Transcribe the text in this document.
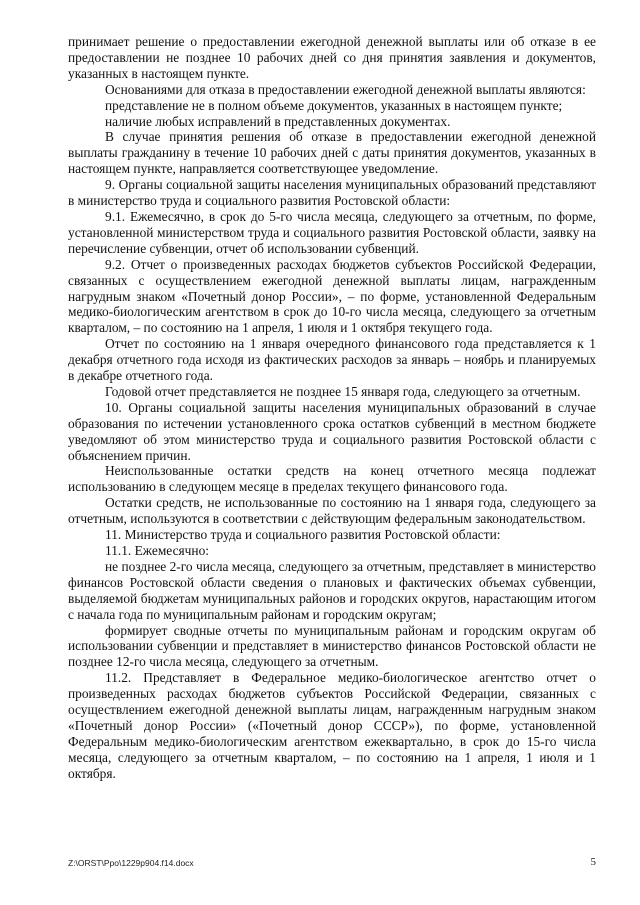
принимает решение о предоставлении ежегодной денежной выплаты или об отказе в ее предоставлении не позднее 10 рабочих дней со дня принятия заявления и документов, указанных в настоящем пункте.

Основаниями для отказа в предоставлении ежегодной денежной выплаты являются:

представление не в полном объеме документов, указанных в настоящем пункте;

наличие любых исправлений в представленных документах.

В случае принятия решения об отказе в предоставлении ежегодной денежной выплаты гражданину в течение 10 рабочих дней с даты принятия документов, указанных в настоящем пункте, направляется соответствующее уведомление.

9. Органы социальной защиты населения муниципальных образований представляют в министерство труда и социального развития Ростовской области:

9.1. Ежемесячно, в срок до 5-го числа месяца, следующего за отчетным, по форме, установленной министерством труда и социального развития Ростовской области, заявку на перечисление субвенции, отчет об использовании субвенций.

9.2. Отчет о произведенных расходах бюджетов субъектов Российской Федерации, связанных с осуществлением ежегодной денежной выплаты лицам, награжденным нагрудным знаком «Почетный донор России», – по форме, установленной Федеральным медико-биологическим агентством в срок до 10-го числа месяца, следующего за отчетным кварталом, – по состоянию на 1 апреля, 1 июля и 1 октября текущего года.

Отчет по состоянию на 1 января очередного финансового года представляется к 1 декабря отчетного года исходя из фактических расходов за январь – ноябрь и планируемых в декабре отчетного года.

Годовой отчет представляется не позднее 15 января года, следующего за отчетным.

10. Органы социальной защиты населения муниципальных образований в случае образования по истечении установленного срока остатков субвенций в местном бюджете уведомляют об этом министерство труда и социального развития Ростовской области с объяснением причин.

Неиспользованные остатки средств на конец отчетного месяца подлежат использованию в следующем месяце в пределах текущего финансового года.

Остатки средств, не использованные по состоянию на 1 января года, следующего за отчетным, используются в соответствии с действующим федеральным законодательством.

11. Министерство труда и социального развития Ростовской области:

11.1. Ежемесячно:

не позднее 2-го числа месяца, следующего за отчетным, представляет в министерство финансов Ростовской области сведения о плановых и фактических объемах субвенции, выделяемой бюджетам муниципальных районов и городских округов, нарастающим итогом с начала года по муниципальным районам и городским округам;

формирует сводные отчеты по муниципальным районам и городским округам об использовании субвенции и представляет в министерство финансов Ростовской области не позднее 12-го числа месяца, следующего за отчетным.

11.2. Представляет в Федеральное медико-биологическое агентство отчет о произведенных расходах бюджетов субъектов Российской Федерации, связанных с осуществлением ежегодной денежной выплаты лицам, награжденным нагрудным знаком «Почетный донор России» («Почетный донор СССР»), по форме, установленной Федеральным медико-биологическим агентством ежеквартально, в срок до 15-го числа месяца, следующего за отчетным кварталом, – по состоянию на 1 апреля, 1 июля и 1 октября.

Z:\ORST\Ppo\1229p904.f14.docx	5
